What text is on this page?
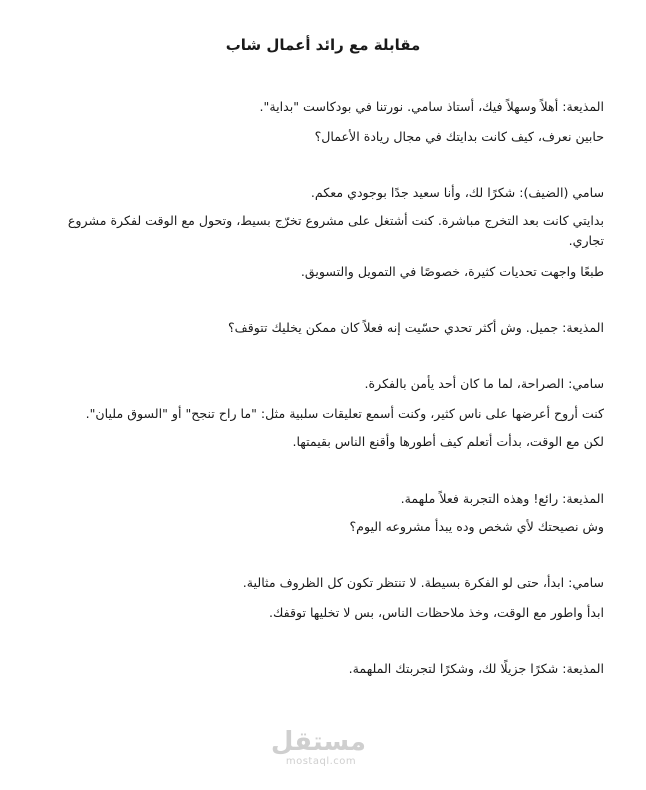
مقابلة مع رائد أعمال شاب
المذيعة: أهلاً وسهلاً فيك، أستاذ سامي. نورتنا في بودكاست "بداية".
حابين نعرف، كيف كانت بدايتك في مجال ريادة الأعمال؟
سامي (الضيف): شكرًا لك، وأنا سعيد جدًا بوجودي معكم.
بدايتي كانت بعد التخرج مباشرة. كنت أشتغل على مشروع تخرّج بسيط، وتحول مع الوقت لفكرة مشروع تجاري.
طبعًا واجهت تحديات كثيرة، خصوصًا في التمويل والتسويق.
المذيعة: جميل. وش أكثر تحدي حسّيت إنه فعلاً كان ممكن يخليك تتوقف؟
سامي: الصراحة، لما ما كان أحد يأمن بالفكرة.
كنت أروح أعرضها على ناس كثير، وكنت أسمع تعليقات سلبية مثل: "ما راح تنجح" أو "السوق مليان".
لكن مع الوقت، بدأت أتعلم كيف أطورها وأقنع الناس بقيمتها.
المذيعة: رائع! وهذه التجربة فعلاً ملهمة.
وش نصيحتك لأي شخص وده يبدأ مشروعه اليوم؟
سامي: ابدأ، حتى لو الفكرة بسيطة. لا تنتظر تكون كل الظروف مثالية.
ابدأ واطور مع الوقت، وخذ ملاحظات الناس، بس لا تخليها توقفك.
المذيعة: شكرًا جزيلًا لك، وشكرًا لتجربتك الملهمة.
مستقل
mostaql.com
